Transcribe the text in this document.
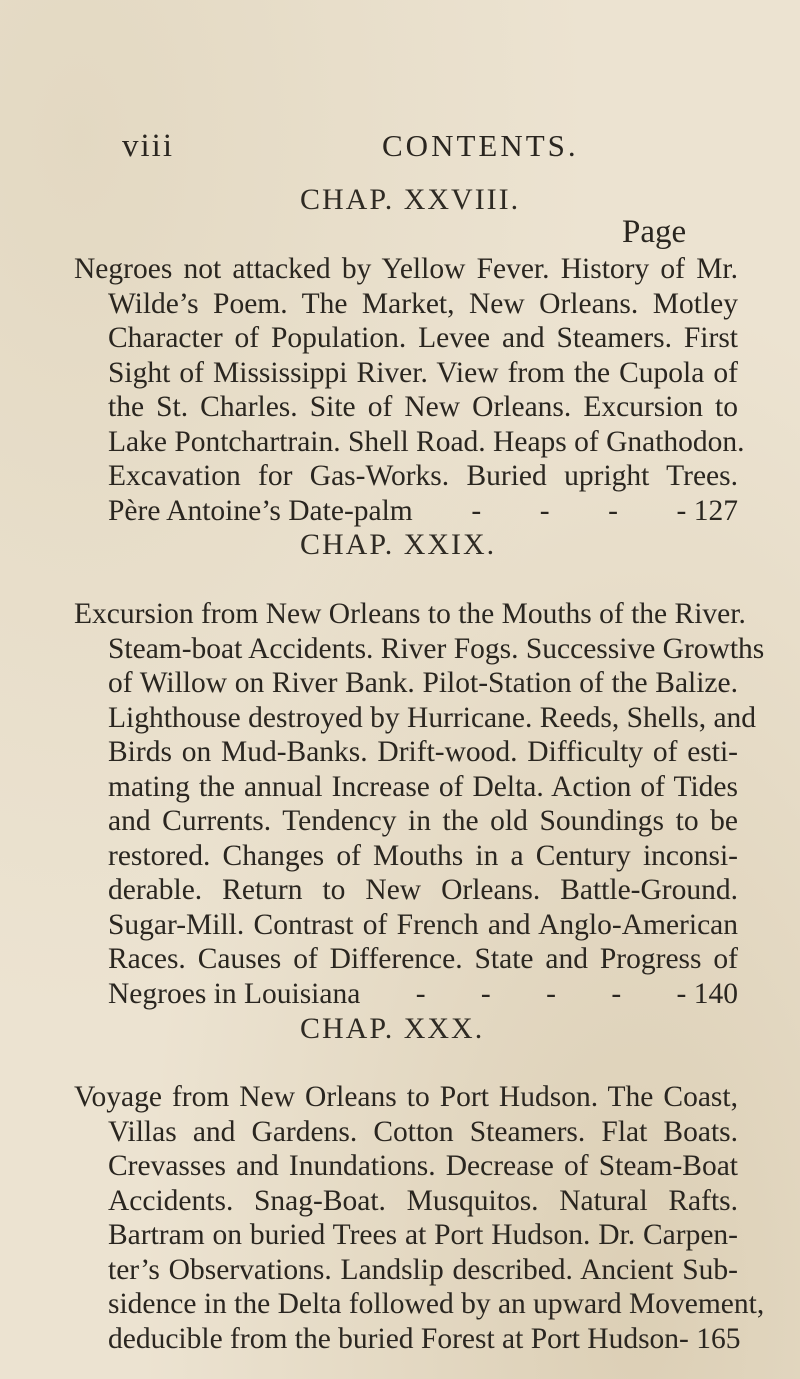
viii	CONTENTS.
CHAP. XXVIII.
Page
Negroes not attacked by Yellow Fever. History of Mr.
Wilde’s Poem. The Market, New Orleans. Motley
Character of Population. Levee and Steamers. First
Sight of Mississippi River. View from the Cupola of
the St. Charles. Site of New Orleans. Excursion to
Lake Pontchartrain. Shell Road. Heaps of Gnathodon.
Excavation for Gas-Works. Buried upright Trees.
Père Antoine’s Date-palm - - - - 127
CHAP. XXIX.
Excursion from New Orleans to the Mouths of the River.
Steam-boat Accidents. River Fogs. Successive Growths
of Willow on River Bank. Pilot-Station of the Balize.
Lighthouse destroyed by Hurricane. Reeds, Shells, and
Birds on Mud-Banks. Drift-wood. Difficulty of esti-
mating the annual Increase of Delta. Action of Tides
and Currents. Tendency in the old Soundings to be
restored. Changes of Mouths in a Century inconsi-
derable. Return to New Orleans. Battle-Ground.
Sugar-Mill. Contrast of French and Anglo-American
Races. Causes of Difference. State and Progress of
Negroes in Louisiana - - - - - 140
CHAP. XXX.
Voyage from New Orleans to Port Hudson. The Coast,
Villas and Gardens. Cotton Steamers. Flat Boats.
Crevasses and Inundations. Decrease of Steam-Boat
Accidents. Snag-Boat. Musquitos. Natural Rafts.
Bartram on buried Trees at Port Hudson. Dr. Carpen-
ter’s Observations. Landslip described. Ancient Sub-
sidence in the Delta followed by an upward Movement,
deducible from the buried Forest at Port Hudson - 165
